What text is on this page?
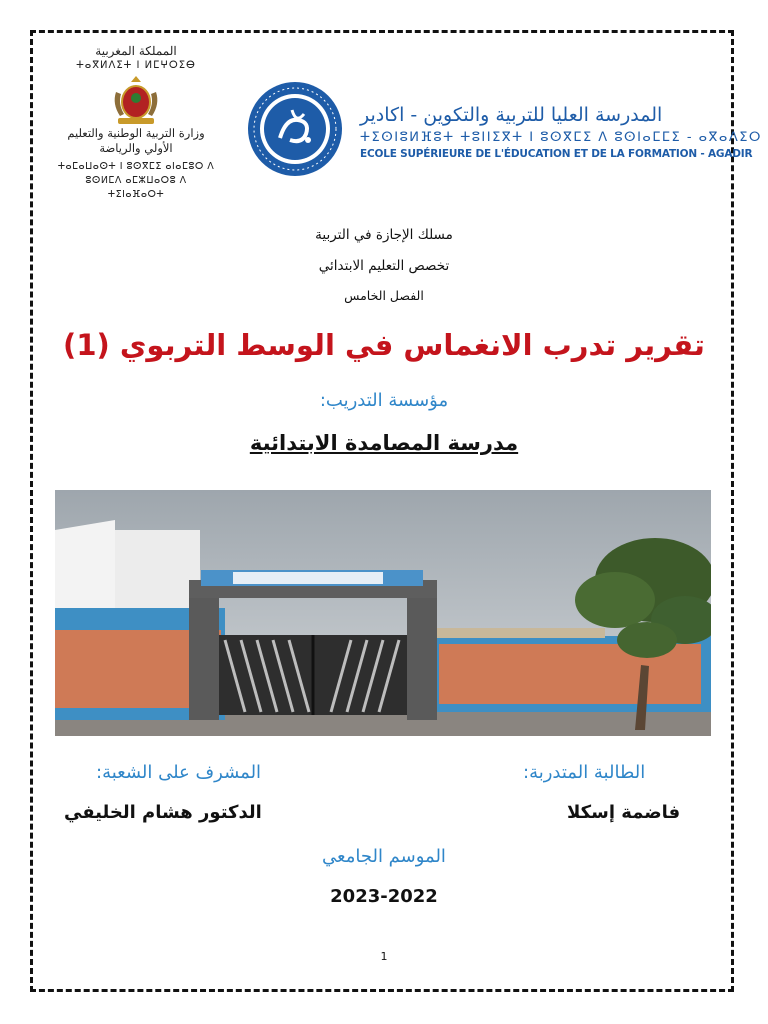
المملكة المغربية
ⵜⴰⴳⵍⴷⵉⵜ ⵏ ⵍⵎⵖⵔⵉⴱ
وزارة التربية الوطنية والتعليم الأولي والرياضة
ⵜⴰⵎⴰⵡⴰⵙⵜ ⵏ ⵓⵙⴳⵎⵉ ⴰⵏⴰⵎⵓⵔ ⴷ ⵓⵙⵍⵎⴷ ⴰⵎⵣⵡⴰⵔⵓ ⴷ ⵜⵉⵏⴰⴼⴰⵔⵜ
المدرسة العليا للتربية والتكوين - اكادير
ⵜⵉⵙⵏⵓⵍⴼⵓⵜ ⵜⵓⵏⵏⵉⴳⵜ ⵏ ⵓⵙⴳⵎⵉ ⴷ ⵓⵙⵏⴰⵎⵎⵉ - ⴰⴳⴰⴷⵉⵔ
ECOLE SUPÉRIEURE DE L'ÉDUCATION ET DE LA FORMATION - AGADIR
مسلك الإجازة في التربية
تخصص التعليم الابتدائي
الفصل الخامس
تقرير تدرب الانغماس في الوسط التربوي (1)
مؤسسة التدريب:
مدرسة المصامدة الابتدائية
الطالبة المتدربة:
المشرف على الشعبة:
فاضمة إسكلا
الدكتور هشام الخليفي
الموسم الجامعي
2023-2022
1
